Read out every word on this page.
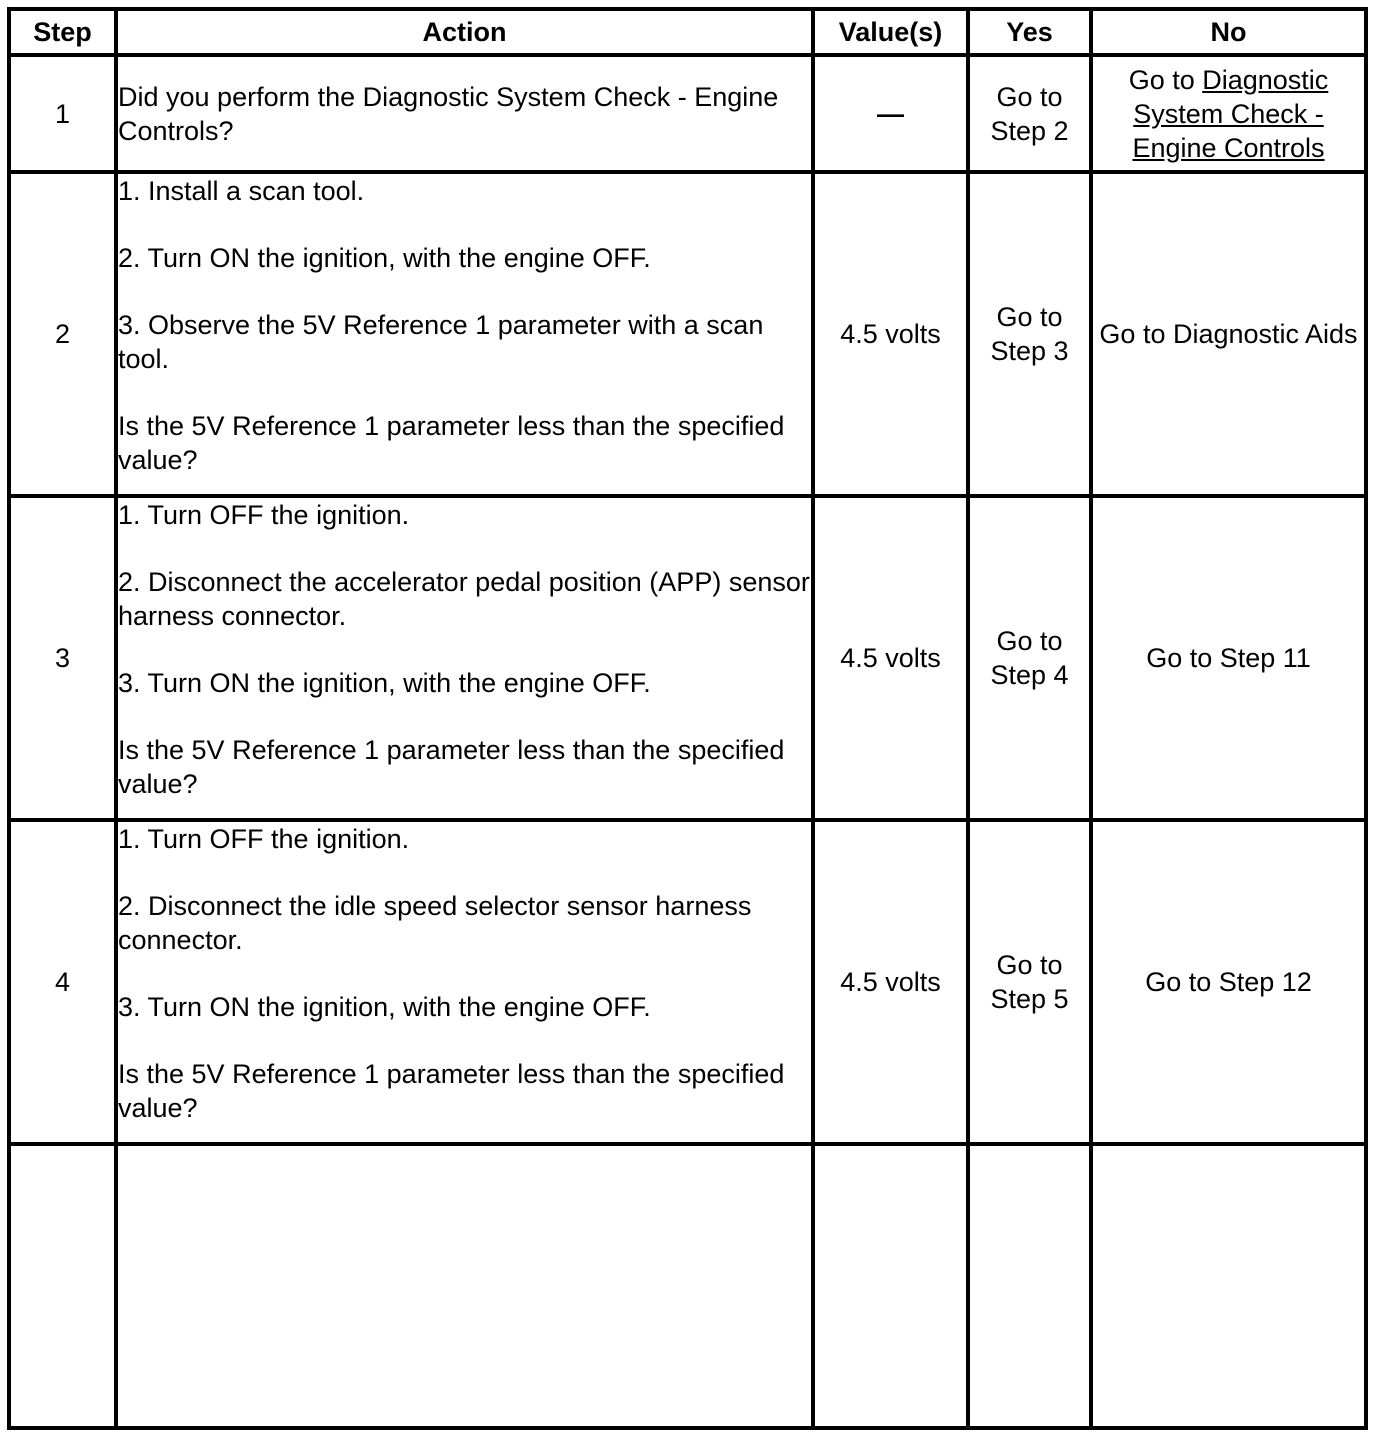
Step	Action	Value(s)	Yes	No
1	Did you perform the Diagnostic System Check - Engine Controls?	—	Go to Step 2	Go to Diagnostic System Check - Engine Controls
2	1. Install a scan tool.

2. Turn ON the ignition, with the engine OFF.

3. Observe the 5V Reference 1 parameter with a scan tool.

Is the 5V Reference 1 parameter less than the specified value?	4.5 volts	Go to Step 3	Go to Diagnostic Aids
3	1. Turn OFF the ignition.

2. Disconnect the accelerator pedal position (APP) sensor harness connector.

3. Turn ON the ignition, with the engine OFF.

Is the 5V Reference 1 parameter less than the specified value?	4.5 volts	Go to Step 4	Go to Step 11
4	1. Turn OFF the ignition.

2. Disconnect the idle speed selector sensor harness connector.

3. Turn ON the ignition, with the engine OFF.

Is the 5V Reference 1 parameter less than the specified value?	4.5 volts	Go to Step 5	Go to Step 12
